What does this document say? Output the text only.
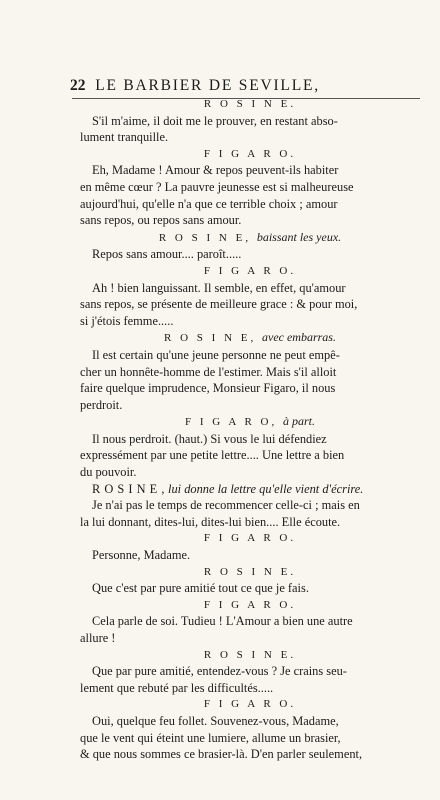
22 LE BARBIER DE SEVILLE,
R O S I N E.
S'il m'aime, il doit me le prouver, en restant abso-
lument tranquille.
F I G A R O.
Eh, Madame ! Amour & repos peuvent-ils habiter
en même cœur ? La pauvre jeunesse est si malheureuse
aujourd'hui, qu'elle n'a que ce terrible choix ; amour
sans repos, ou repos sans amour.
R O S I N E, baissant les yeux.
Repos sans amour.... paroît.....
F I G A R O.
Ah ! bien languissant. Il semble, en effet, qu'amour
sans repos, se présente de meilleure grace : & pour moi,
si j'étois femme.....
R O S I N E, avec embarras.
Il est certain qu'une jeune personne ne peut empê-
cher un honnête-homme de l'estimer. Mais s'il alloit
faire quelque imprudence, Monsieur Figaro, il nous
perdroit.
F I G A R O, à part.
Il nous perdroit. (haut.) Si vous le lui défendiez
expressément par une petite lettre.... Une lettre a bien
du pouvoir.
R O S I N E , lui donne la lettre qu'elle vient d'écrire.
Je n'ai pas le temps de recommencer celle-ci ; mais en
la lui donnant, dites-lui, dites-lui bien.... Elle écoute.
F I G A R O.
Personne, Madame.
R O S I N E.
Que c'est par pure amitié tout ce que je fais.
F I G A R O.
Cela parle de soi. Tudieu ! L'Amour a bien une autre
allure !
R O S I N E.
Que par pure amitié, entendez-vous ? Je crains seu-
lement que rebuté par les difficultés.....
F I G A R O.
Oui, quelque feu follet. Souvenez-vous, Madame,
que le vent qui éteint une lumiere, allume un brasier,
& que nous sommes ce brasier-là. D'en parler seulement,
